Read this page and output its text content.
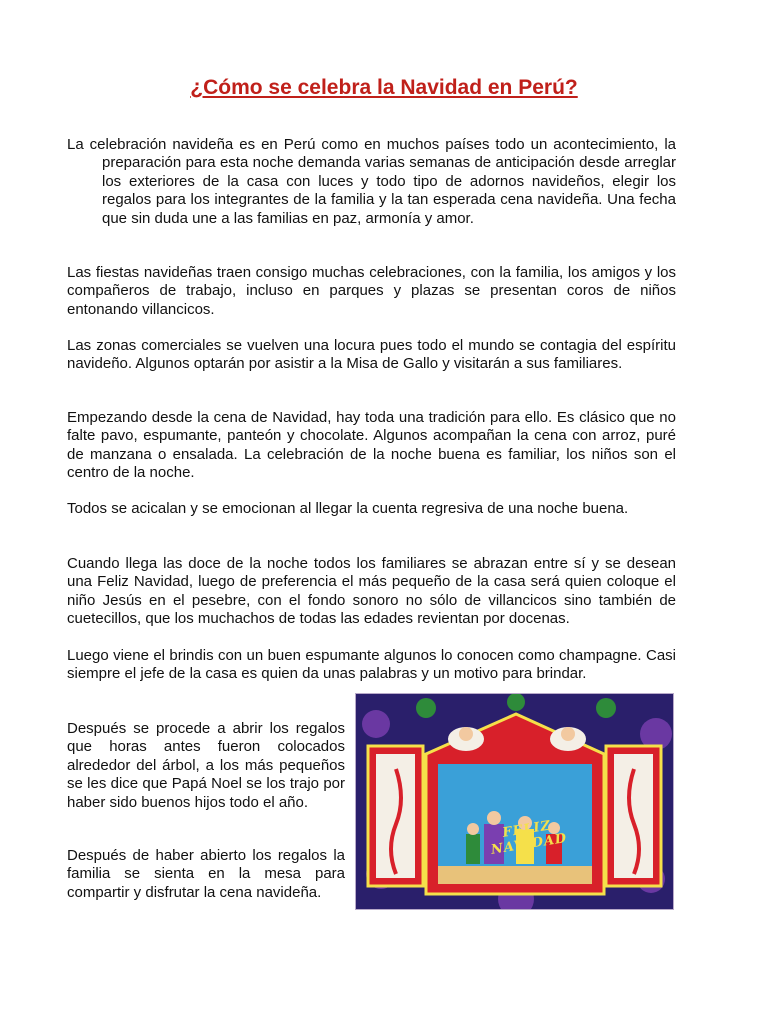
¿Cómo se celebra la Navidad en Perú?

La celebración navideña es en Perú como en muchos países todo un acontecimiento, la preparación para esta noche demanda varias semanas de anticipación desde arreglar los exteriores de la casa con luces y todo tipo de adornos navideños, elegir los regalos para los integrantes de la familia y la tan esperada cena navideña. Una fecha que sin duda une a las familias en paz, armonía y amor.

Las fiestas navideñas traen consigo muchas celebraciones, con la familia, los amigos y los compañeros de trabajo, incluso en parques y plazas se presentan coros de niños entonando villancicos.

Las zonas comerciales se vuelven una locura pues todo el mundo se contagia del espíritu navideño. Algunos optarán por asistir a la Misa de Gallo y visitarán a sus familiares.

Empezando desde la cena de Navidad, hay toda una tradición para ello. Es clásico que no falte pavo, espumante, panteón y chocolate. Algunos acompañan la cena con arroz, puré de manzana o ensalada. La celebración de la noche buena es familiar, los niños son el centro de la noche.

Todos se acicalan y se emocionan al llegar la cuenta regresiva de una noche buena.

Cuando llega las doce de la noche todos los familiares se abrazan entre sí y se desean una Feliz Navidad, luego de preferencia el más pequeño de la casa será quien coloque el niño Jesús en el pesebre, con el fondo sonoro no sólo de villancicos sino también de cuetecillos, que los muchachos de todas las edades revientan por docenas.

Luego viene el brindis con un buen espumante algunos lo conocen como champagne. Casi siempre el jefe de la casa es quien da unas palabras y un motivo para brindar.

Después se procede a abrir los regalos que horas antes fueron colocados alrededor del árbol, a los más pequeños se les dice que Papá Noel se los trajo por haber sido buenos hijos todo el año.

Después de haber abierto los regalos la familia se sienta en la mesa para compartir y disfrutar la cena navideña.

FELIZ NAVIDAD
